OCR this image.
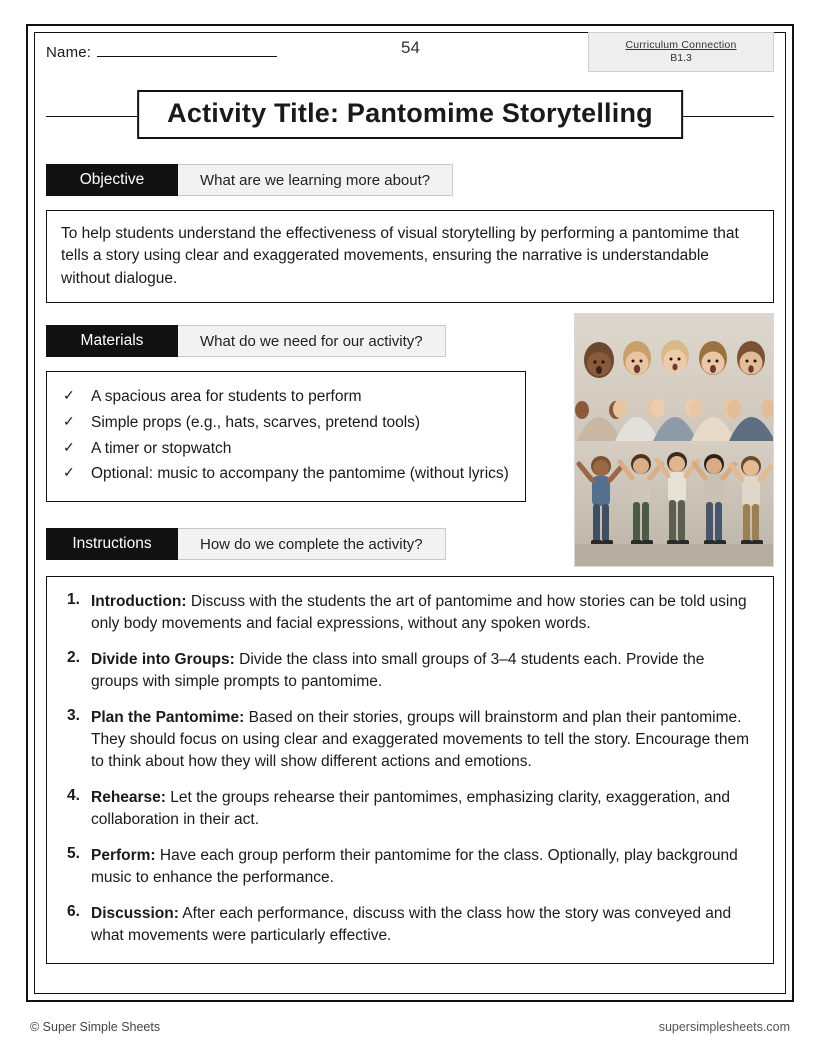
Name:	54	Curriculum Connection
B1.3
Activity Title: Pantomime Storytelling
Objective	What are we learning more about?
To help students understand the effectiveness of visual storytelling by performing a pantomime that tells a story using clear and exaggerated movements, ensuring the narrative is understandable without dialogue.
Materials	What do we need for our activity?
✓ A spacious area for students to perform
✓ Simple props (e.g., hats, scarves, pretend tools)
✓ A timer or stopwatch
✓ Optional: music to accompany the pantomime (without lyrics)
Instructions	How do we complete the activity?
1. Introduction: Discuss with the students the art of pantomime and how stories can be told using only body movements and facial expressions, without any spoken words.
2. Divide into Groups: Divide the class into small groups of 3–4 students each. Provide the groups with simple prompts to pantomime.
3. Plan the Pantomime: Based on their stories, groups will brainstorm and plan their pantomime. They should focus on using clear and exaggerated movements to tell the story. Encourage them to think about how they will show different actions and emotions.
4. Rehearse: Let the groups rehearse their pantomimes, emphasizing clarity, exaggeration, and collaboration in their act.
5. Perform: Have each group perform their pantomime for the class. Optionally, play background music to enhance the performance.
6. Discussion: After each performance, discuss with the class how the story was conveyed and what movements were particularly effective.
© Super Simple Sheets	supersimplesheets.com
